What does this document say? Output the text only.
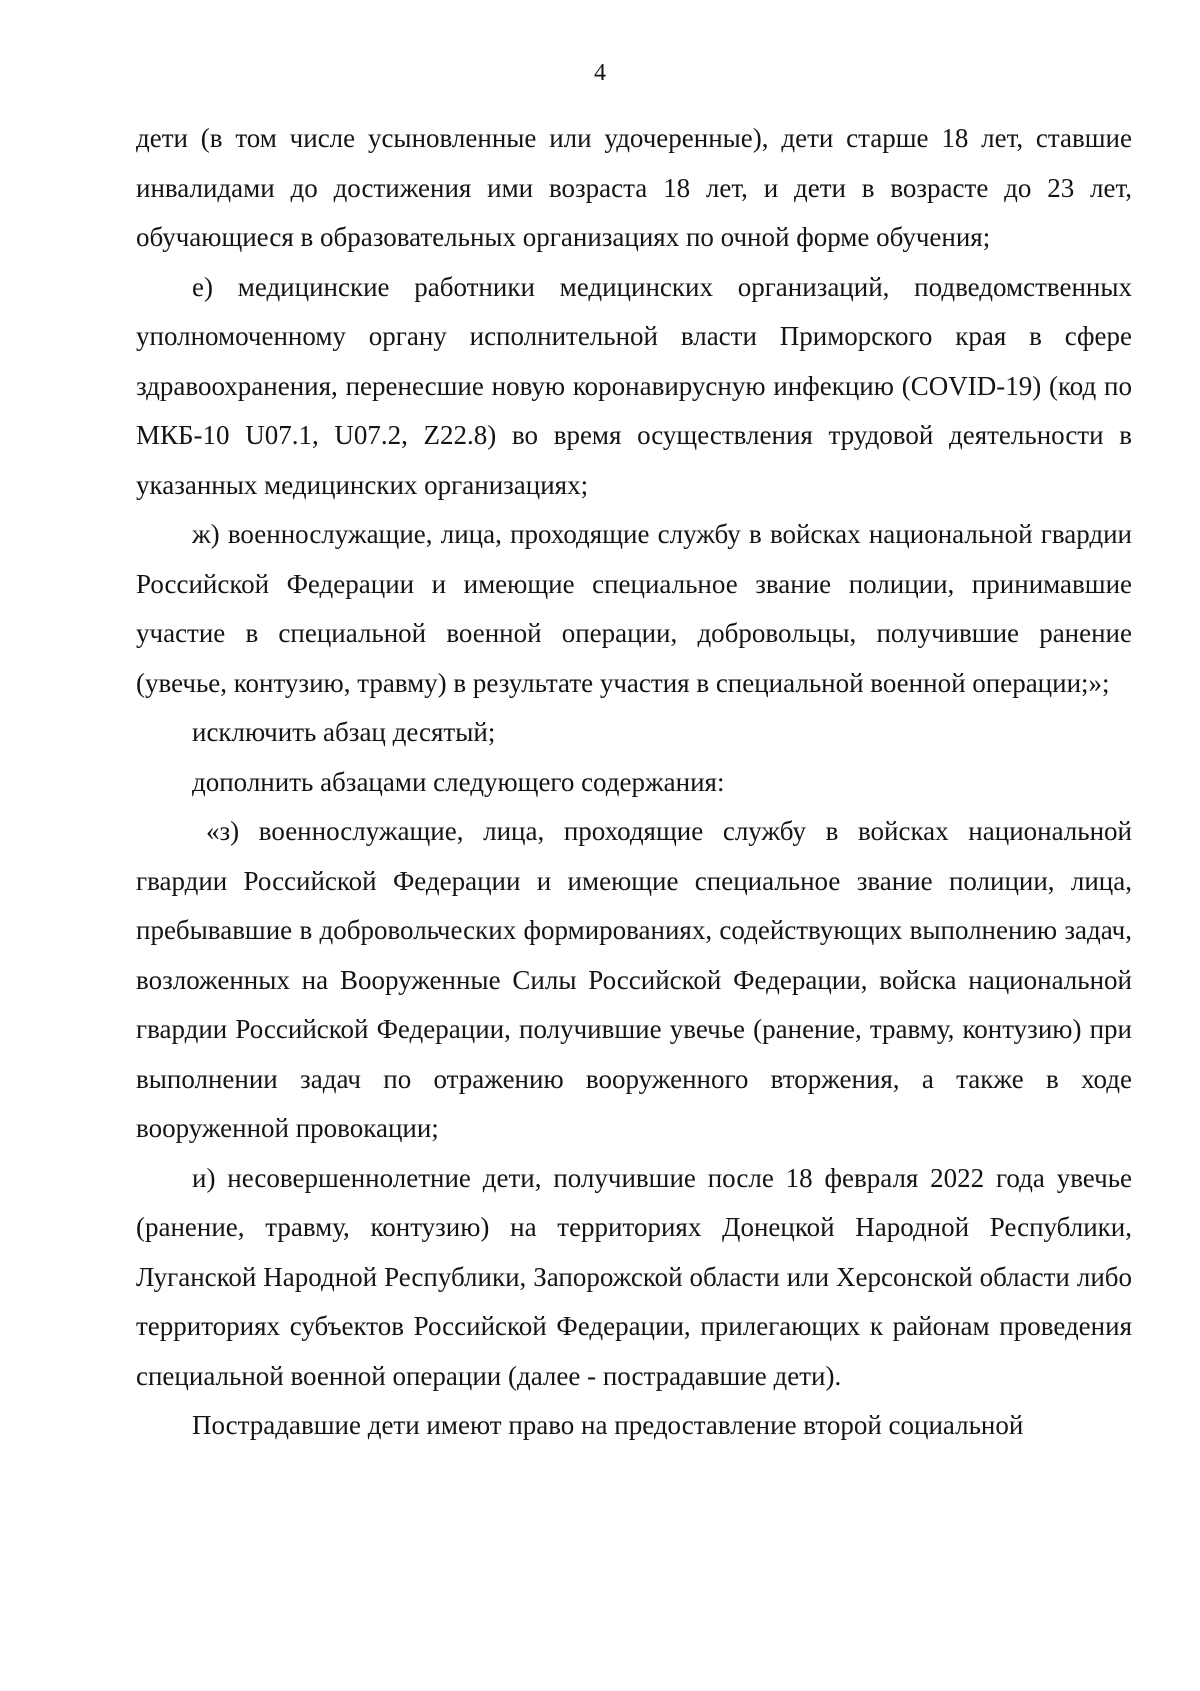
4

дети (в том числе усыновленные или удочеренные), дети старше 18 лет, ставшие инвалидами до достижения ими возраста 18 лет, и дети в возрасте до 23 лет, обучающиеся в образовательных организациях по очной форме обучения;

е) медицинские работники медицинских организаций, подведомственных уполномоченному органу исполнительной власти Приморского края в сфере здравоохранения, перенесшие новую коронавирусную инфекцию (COVID-19) (код по МКБ-10 U07.1, U07.2, Z22.8) во время осуществления трудовой деятельности в указанных медицинских организациях;

ж) военнослужащие, лица, проходящие службу в войсках национальной гвардии Российской Федерации и имеющие специальное звание полиции, принимавшие участие в специальной военной операции, добровольцы, получившие ранение (увечье, контузию, травму) в результате участия в специальной военной операции;»;

исключить абзац десятый;

дополнить абзацами следующего содержания:

«з) военнослужащие, лица, проходящие службу в войсках национальной гвардии Российской Федерации и имеющие специальное звание полиции, лица, пребывавшие в добровольческих формированиях, содействующих выполнению задач, возложенных на Вооруженные Силы Российской Федерации, войска национальной гвардии Российской Федерации, получившие увечье (ранение, травму, контузию) при выполнении задач по отражению вооруженного вторжения, а также в ходе вооруженной провокации;

и) несовершеннолетние дети, получившие после 18 февраля 2022 года увечье (ранение, травму, контузию) на территориях Донецкой Народной Республики, Луганской Народной Республики, Запорожской области или Херсонской области либо территориях субъектов Российской Федерации, прилегающих к районам проведения специальной военной операции (далее - пострадавшие дети).

Пострадавшие дети имеют право на предоставление второй социальной
